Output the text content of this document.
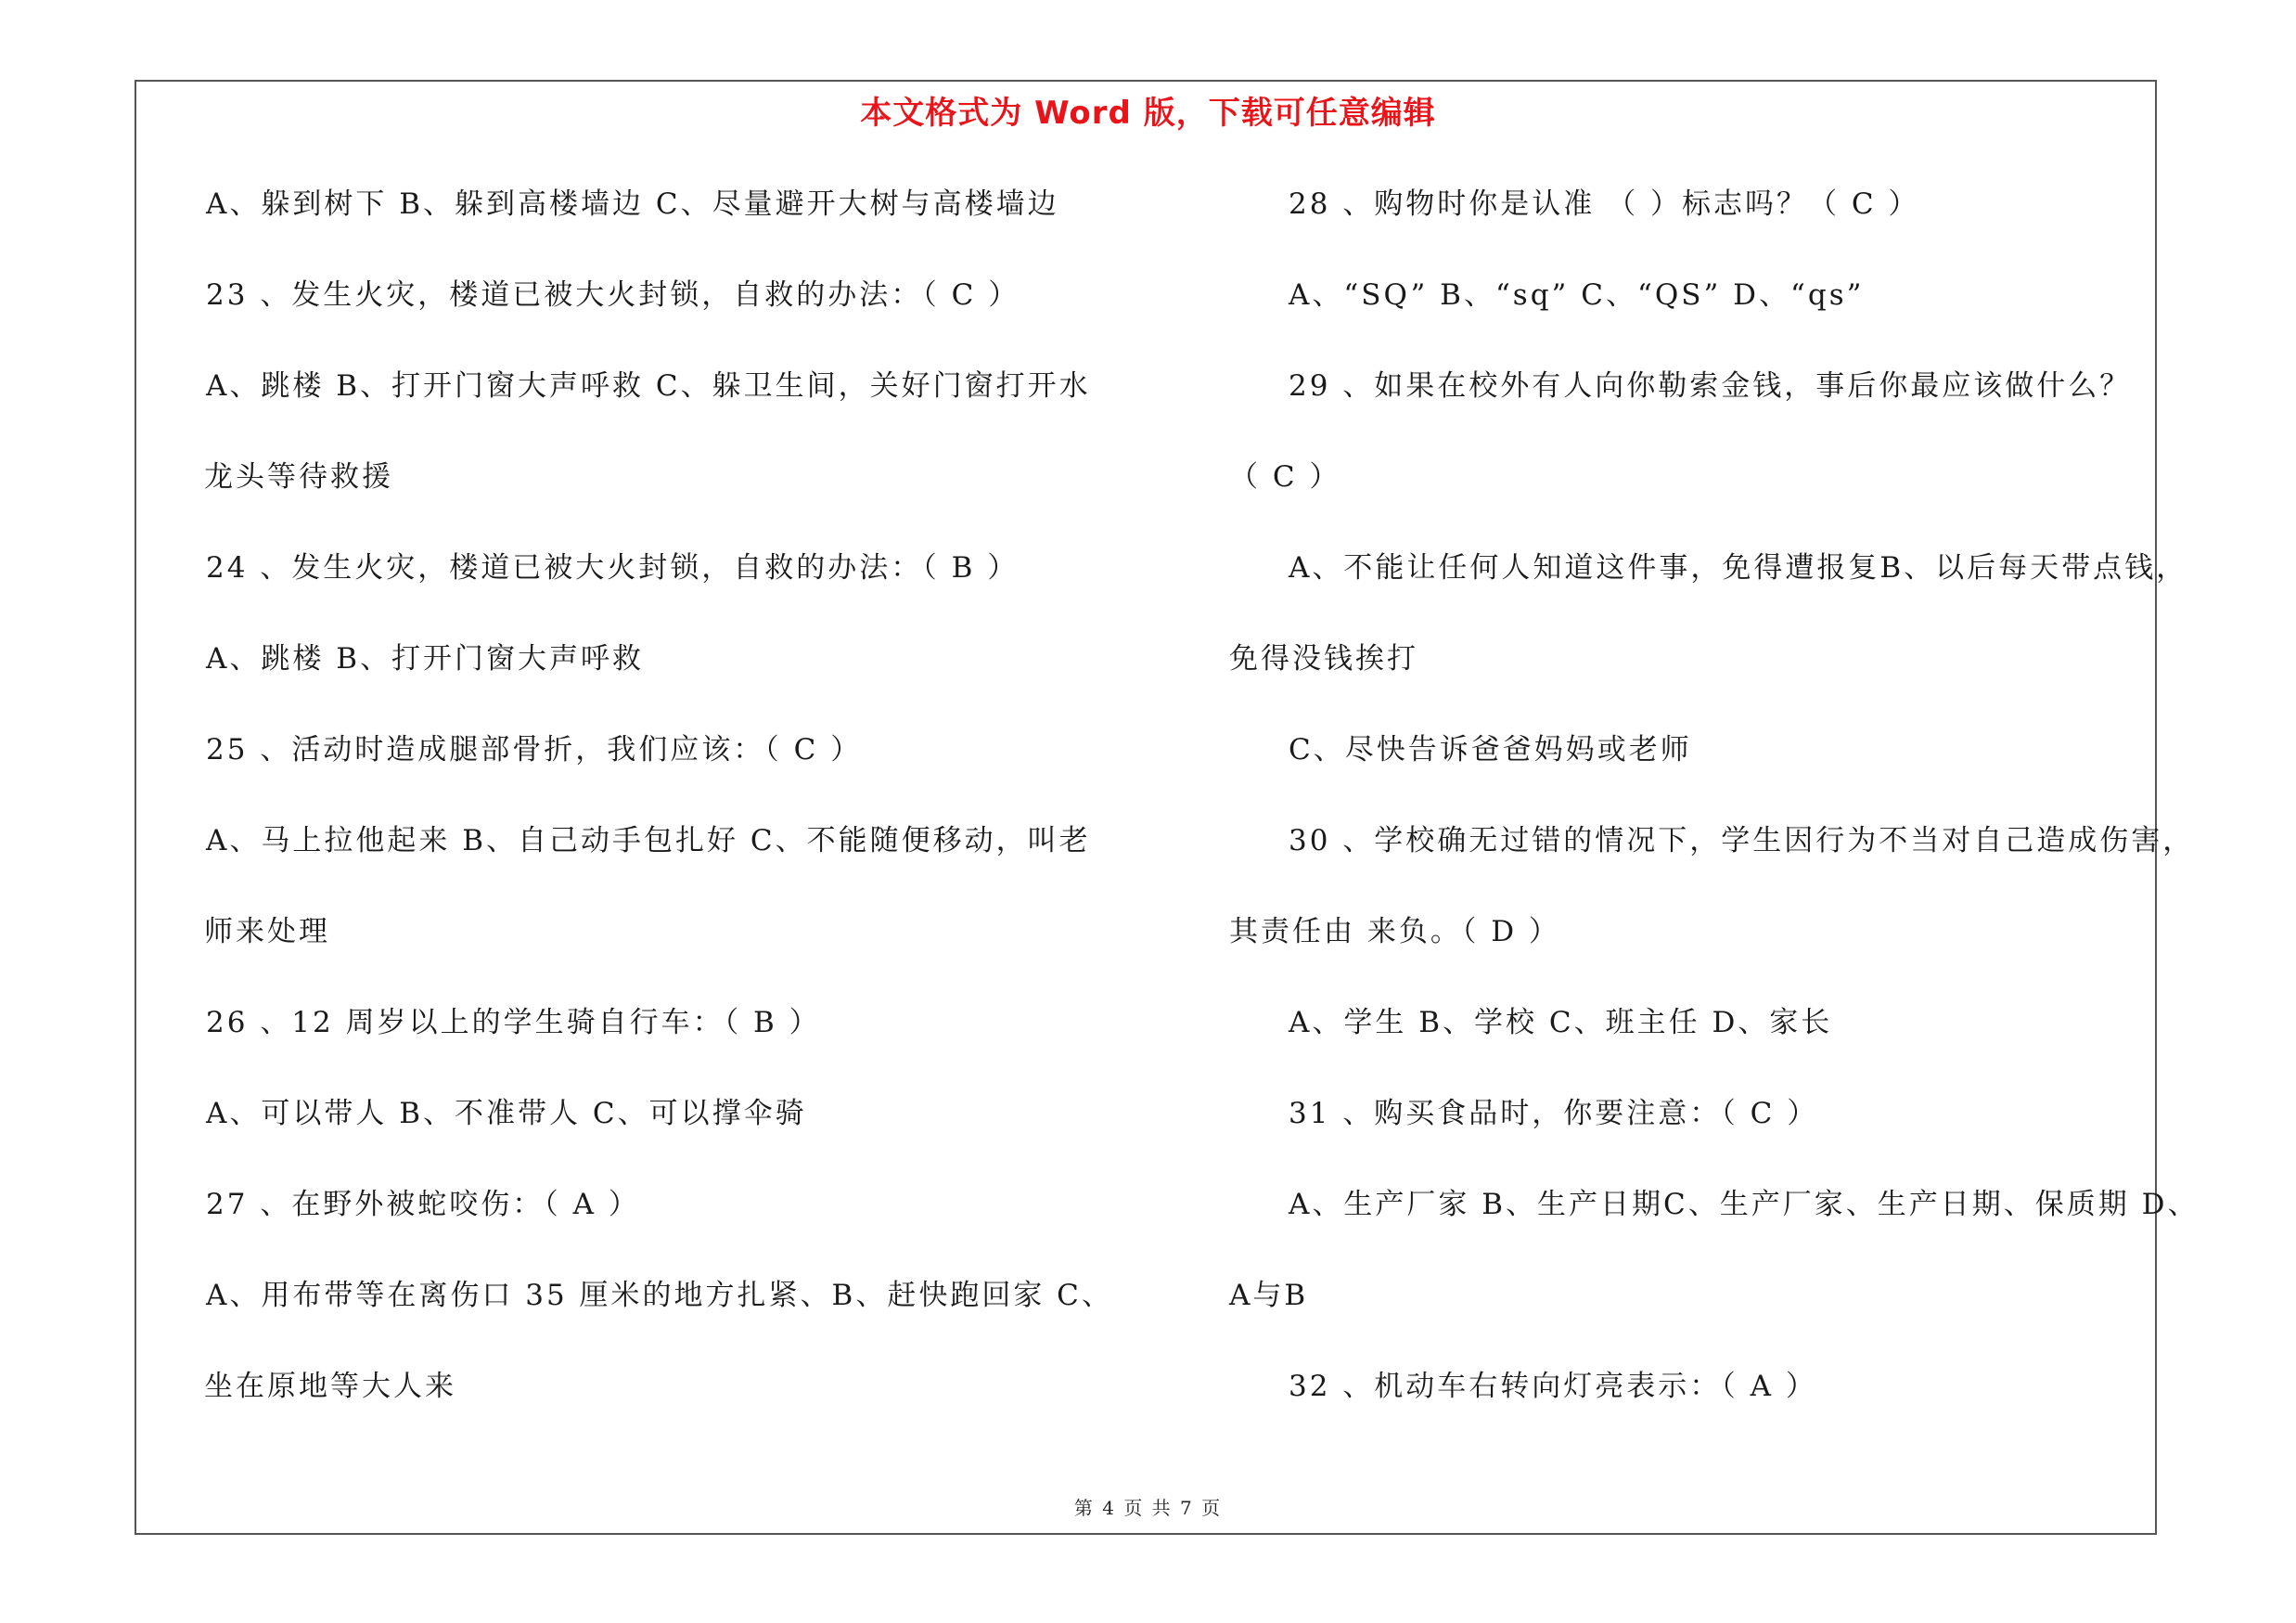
本文格式为 Word 版，下载可任意编辑
A、躲到树下 B、躲到高楼墙边 C、尽量避开大树与高楼墙边
23 、发生火灾，楼道已被大火封锁，自救的办法：（ C ）
A、跳楼 B、打开门窗大声呼救 C、躲卫生间，关好门窗打开水
龙头等待救援
24 、发生火灾，楼道已被大火封锁，自救的办法：（ B ）
A、跳楼 B、打开门窗大声呼救
25 、活动时造成腿部骨折，我们应该：（ C ）
A、马上拉他起来 B、自己动手包扎好 C、不能随便移动，叫老
师来处理
26 、12 周岁以上的学生骑自行车：（ B ）
A、可以带人 B、不准带人 C、可以撑伞骑
27 、在野外被蛇咬伤：（ A ）
A、用布带等在离伤口 35 厘米的地方扎紧、B、赶快跑回家 C、
坐在原地等大人来
28 、购物时你是认准 （ ）标志吗？（ C ）
A、“SQ” B、“sq” C、“QS” D、“qs”
29 、如果在校外有人向你勒索金钱，事后你最应该做什么？
（ C ）
A、不能让任何人知道这件事，免得遭报复B、以后每天带点钱，
免得没钱挨打
C、尽快告诉爸爸妈妈或老师
30 、学校确无过错的情况下，学生因行为不当对自己造成伤害，
其责任由 来负。（ D ）
A、学生 B、学校 C、班主任 D、家长
31 、购买食品时，你要注意：（ C ）
A、生产厂家 B、生产日期C、生产厂家、生产日期、保质期 D、
A与B
32 、机动车右转向灯亮表示：（ A ）
第 4 页 共 7 页
